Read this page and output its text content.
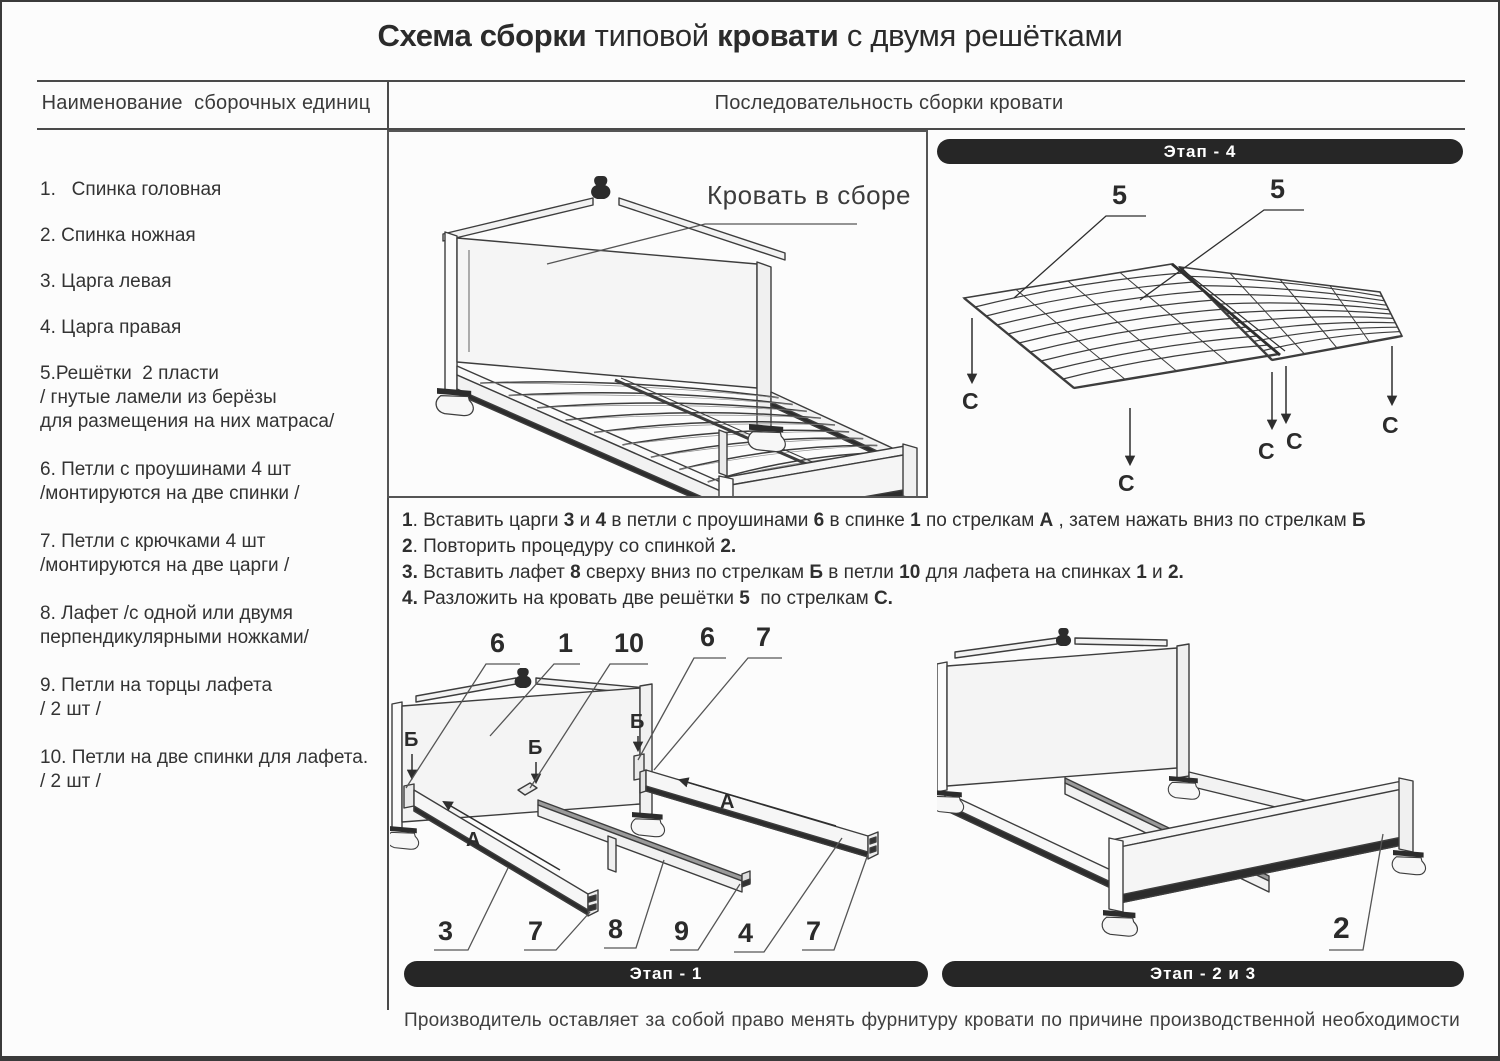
Схема сборки типовой кровати с двумя решётками
Наименование  сборочных единиц	Последовательность сборки кровати
1.   Спинка головная
2. Спинка ножная
3. Царга левая
4. Царга правая
5.Решётки  2 пласти
/ гнутые ламели из берёзы
для размещения на них матраса/
6. Петли с проушинами 4 шт
/монтируются на две спинки /
7. Петли с крючками 4 шт
/монтируются на две царги /
8. Лафет /с одной или двумя
перпендикулярными ножками/
9. Петли на торцы лафета
/ 2 шт /
10. Петли на две спинки для лафета.
/ 2 шт /
Кровать в сборе
Этап - 4
5	5
С
С
С С
С
1. Вставить царги 3 и 4 в петли с проушинами 6 в спинке 1 по стрелкам А , затем нажать вниз по стрелкам Б
2. Повторить процедуру со спинкой 2.
3. Вставить лафет 8 сверху вниз по стрелкам Б в петли 10 для лафета на спинках 1 и 2.
4. Разложить на кровать две решётки 5  по стрелкам С.
6 1 10 6 7
Б	Б
Б
А
А
3	7 8 9 4 7	2
Этап - 1	Этап - 2 и 3
Производитель оставляет за собой право менять фурнитуру кровати по причине производственной необходимости
